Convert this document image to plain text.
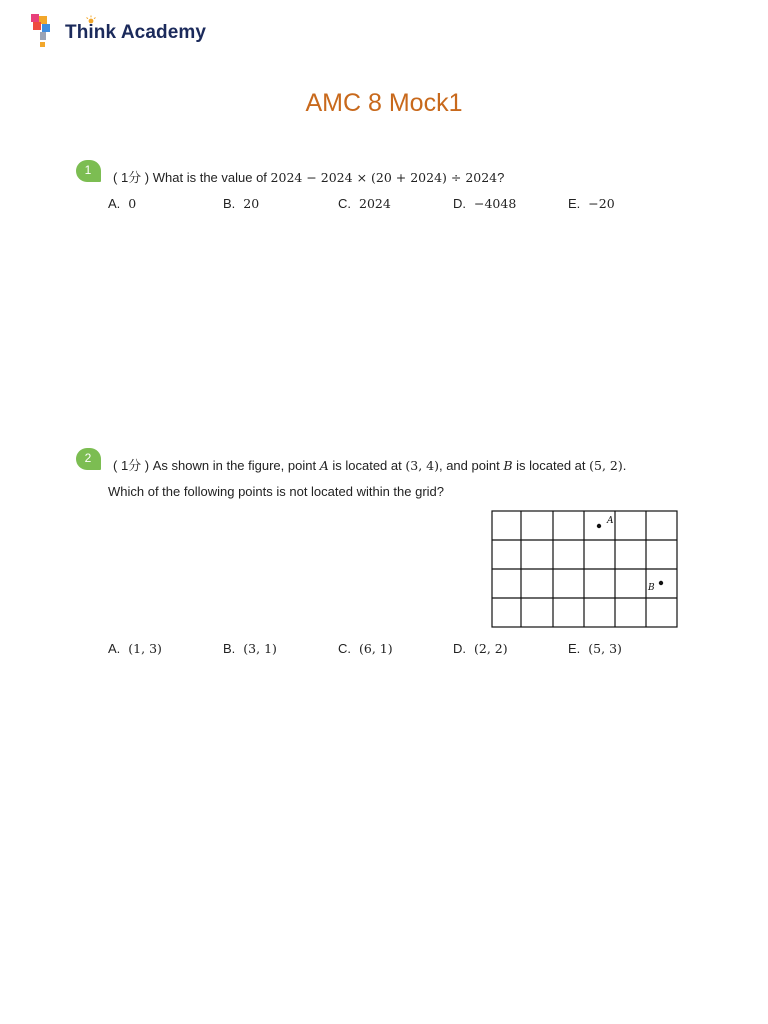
Think Academy
AMC 8 Mock1
1	( 1分 ) What is the value of 2024 − 2024 × (20 + 2024) ÷ 2024?
A. 0	B. 20	C. 2024	D. −4048	E. −20
2	( 1分 ) As shown in the figure, point A is located at (3, 4), and point B is located at (5, 2).
Which of the following points is not located within the grid?
A
B
A. (1, 3)	B. (3, 1)	C. (6, 1)	D. (2, 2)	E. (5, 3)
